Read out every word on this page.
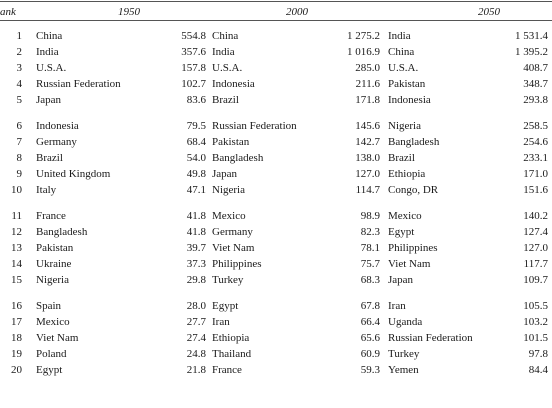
ank	1950	2000	2050
1 China	554.8 China	1 275.2 India	1 531.4
2 India	357.6 India	1 016.9 China	1 395.2
3 U.S.A.	157.8 U.S.A.	285.0 U.S.A.	408.7
4 Russian Federation	102.7 Indonesia	211.6 Pakistan	348.7
5 Japan	83.6 Brazil	171.8 Indonesia	293.8
6 Indonesia	79.5 Russian Federation	145.6 Nigeria	258.5
7 Germany	68.4 Pakistan	142.7 Bangladesh	254.6
8 Brazil	54.0 Bangladesh	138.0 Brazil	233.1
9 United Kingdom	49.8 Japan	127.0 Ethiopia	171.0
10 Italy	47.1 Nigeria	114.7 Congo, DR	151.6
11 France	41.8 Mexico	98.9 Mexico	140.2
12 Bangladesh	41.8 Germany	82.3 Egypt	127.4
13 Pakistan	39.7 Viet Nam	78.1 Philippines	127.0
14 Ukraine	37.3 Philippines	75.7 Viet Nam	117.7
15 Nigeria	29.8 Turkey	68.3 Japan	109.7
16 Spain	28.0 Egypt	67.8 Iran	105.5
17 Mexico	27.7 Iran	66.4 Uganda	103.2
18 Viet Nam	27.4 Ethiopia	65.6 Russian Federation	101.5
19 Poland	24.8 Thailand	60.9 Turkey	97.8
20 Egypt	21.8 France	59.3 Yemen	84.4
